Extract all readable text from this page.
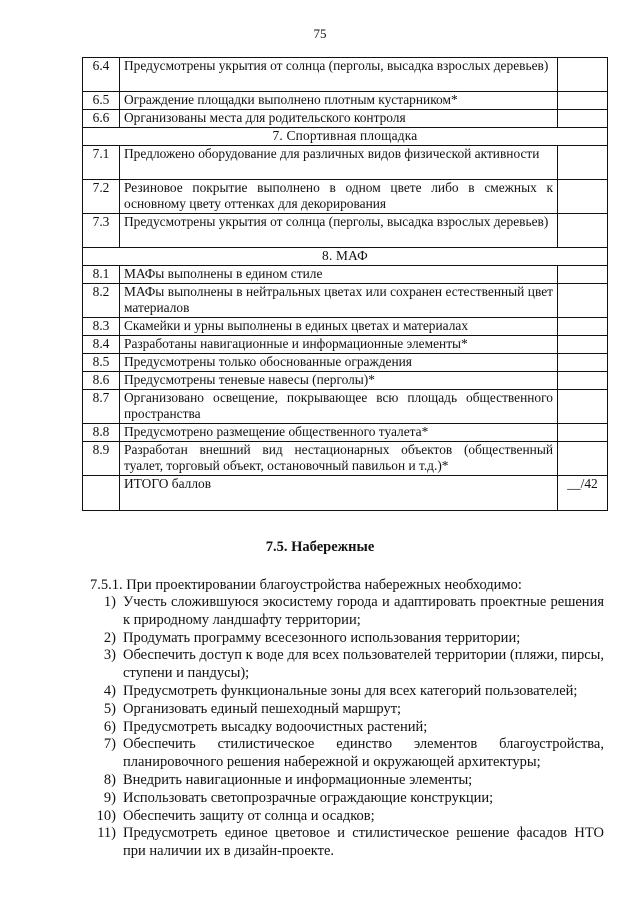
75
6.4	Предусмотрены укрытия от солнца (перголы, высадка взрослых деревьев)	
6.5	Ограждение площадки выполнено плотным кустарником*	
6.6	Организованы места для родительского контроля	
7. Спортивная площадка		
7.1	Предложено оборудование для различных видов физической активности	
7.2	Резиновое покрытие выполнено в одном цвете либо в смежных к основному цвету оттенках для декорирования	
7.3	Предусмотрены укрытия от солнца (перголы, высадка взрослых деревьев)	
8. МАФ		
8.1	МАФы выполнены в едином стиле	
8.2	МАФы выполнены в нейтральных цветах или сохранен естественный цвет материалов	
8.3	Скамейки и урны выполнены в единых цветах и материалах	
8.4	Разработаны навигационные и информационные элементы*	
8.5	Предусмотрены только обоснованные ограждения	
8.6	Предусмотрены теневые навесы (перголы)*	
8.7	Организовано освещение, покрывающее всю площадь общественного пространства	
8.8	Предусмотрено размещение общественного туалета*	
8.9	Разработан внешний вид нестационарных объектов (общественный туалет, торговый объект, остановочный павильон и т.д.)*	
	ИТОГО баллов	__/42
7.5. Набережные
7.5.1. При проектировании благоустройства набережных необходимо:
1) Учесть сложившуюся экосистему города и адаптировать проектные решения к природному ландшафту территории;
2) Продумать программу всесезонного использования территории;
3) Обеспечить доступ к воде для всех пользователей территории (пляжи, пирсы, ступени и пандусы);
4) Предусмотреть функциональные зоны для всех категорий пользователей;
5) Организовать единый пешеходный маршрут;
6) Предусмотреть высадку водоочистных растений;
7) Обеспечить стилистическое единство элементов благоустройства, планировочного решения набережной и окружающей архитектуры;
8) Внедрить навигационные и информационные элементы;
9) Использовать светопрозрачные ограждающие конструкции;
10) Обеспечить защиту от солнца и осадков;
11) Предусмотреть единое цветовое и стилистическое решение фасадов НТО при наличии их в дизайн-проекте.
